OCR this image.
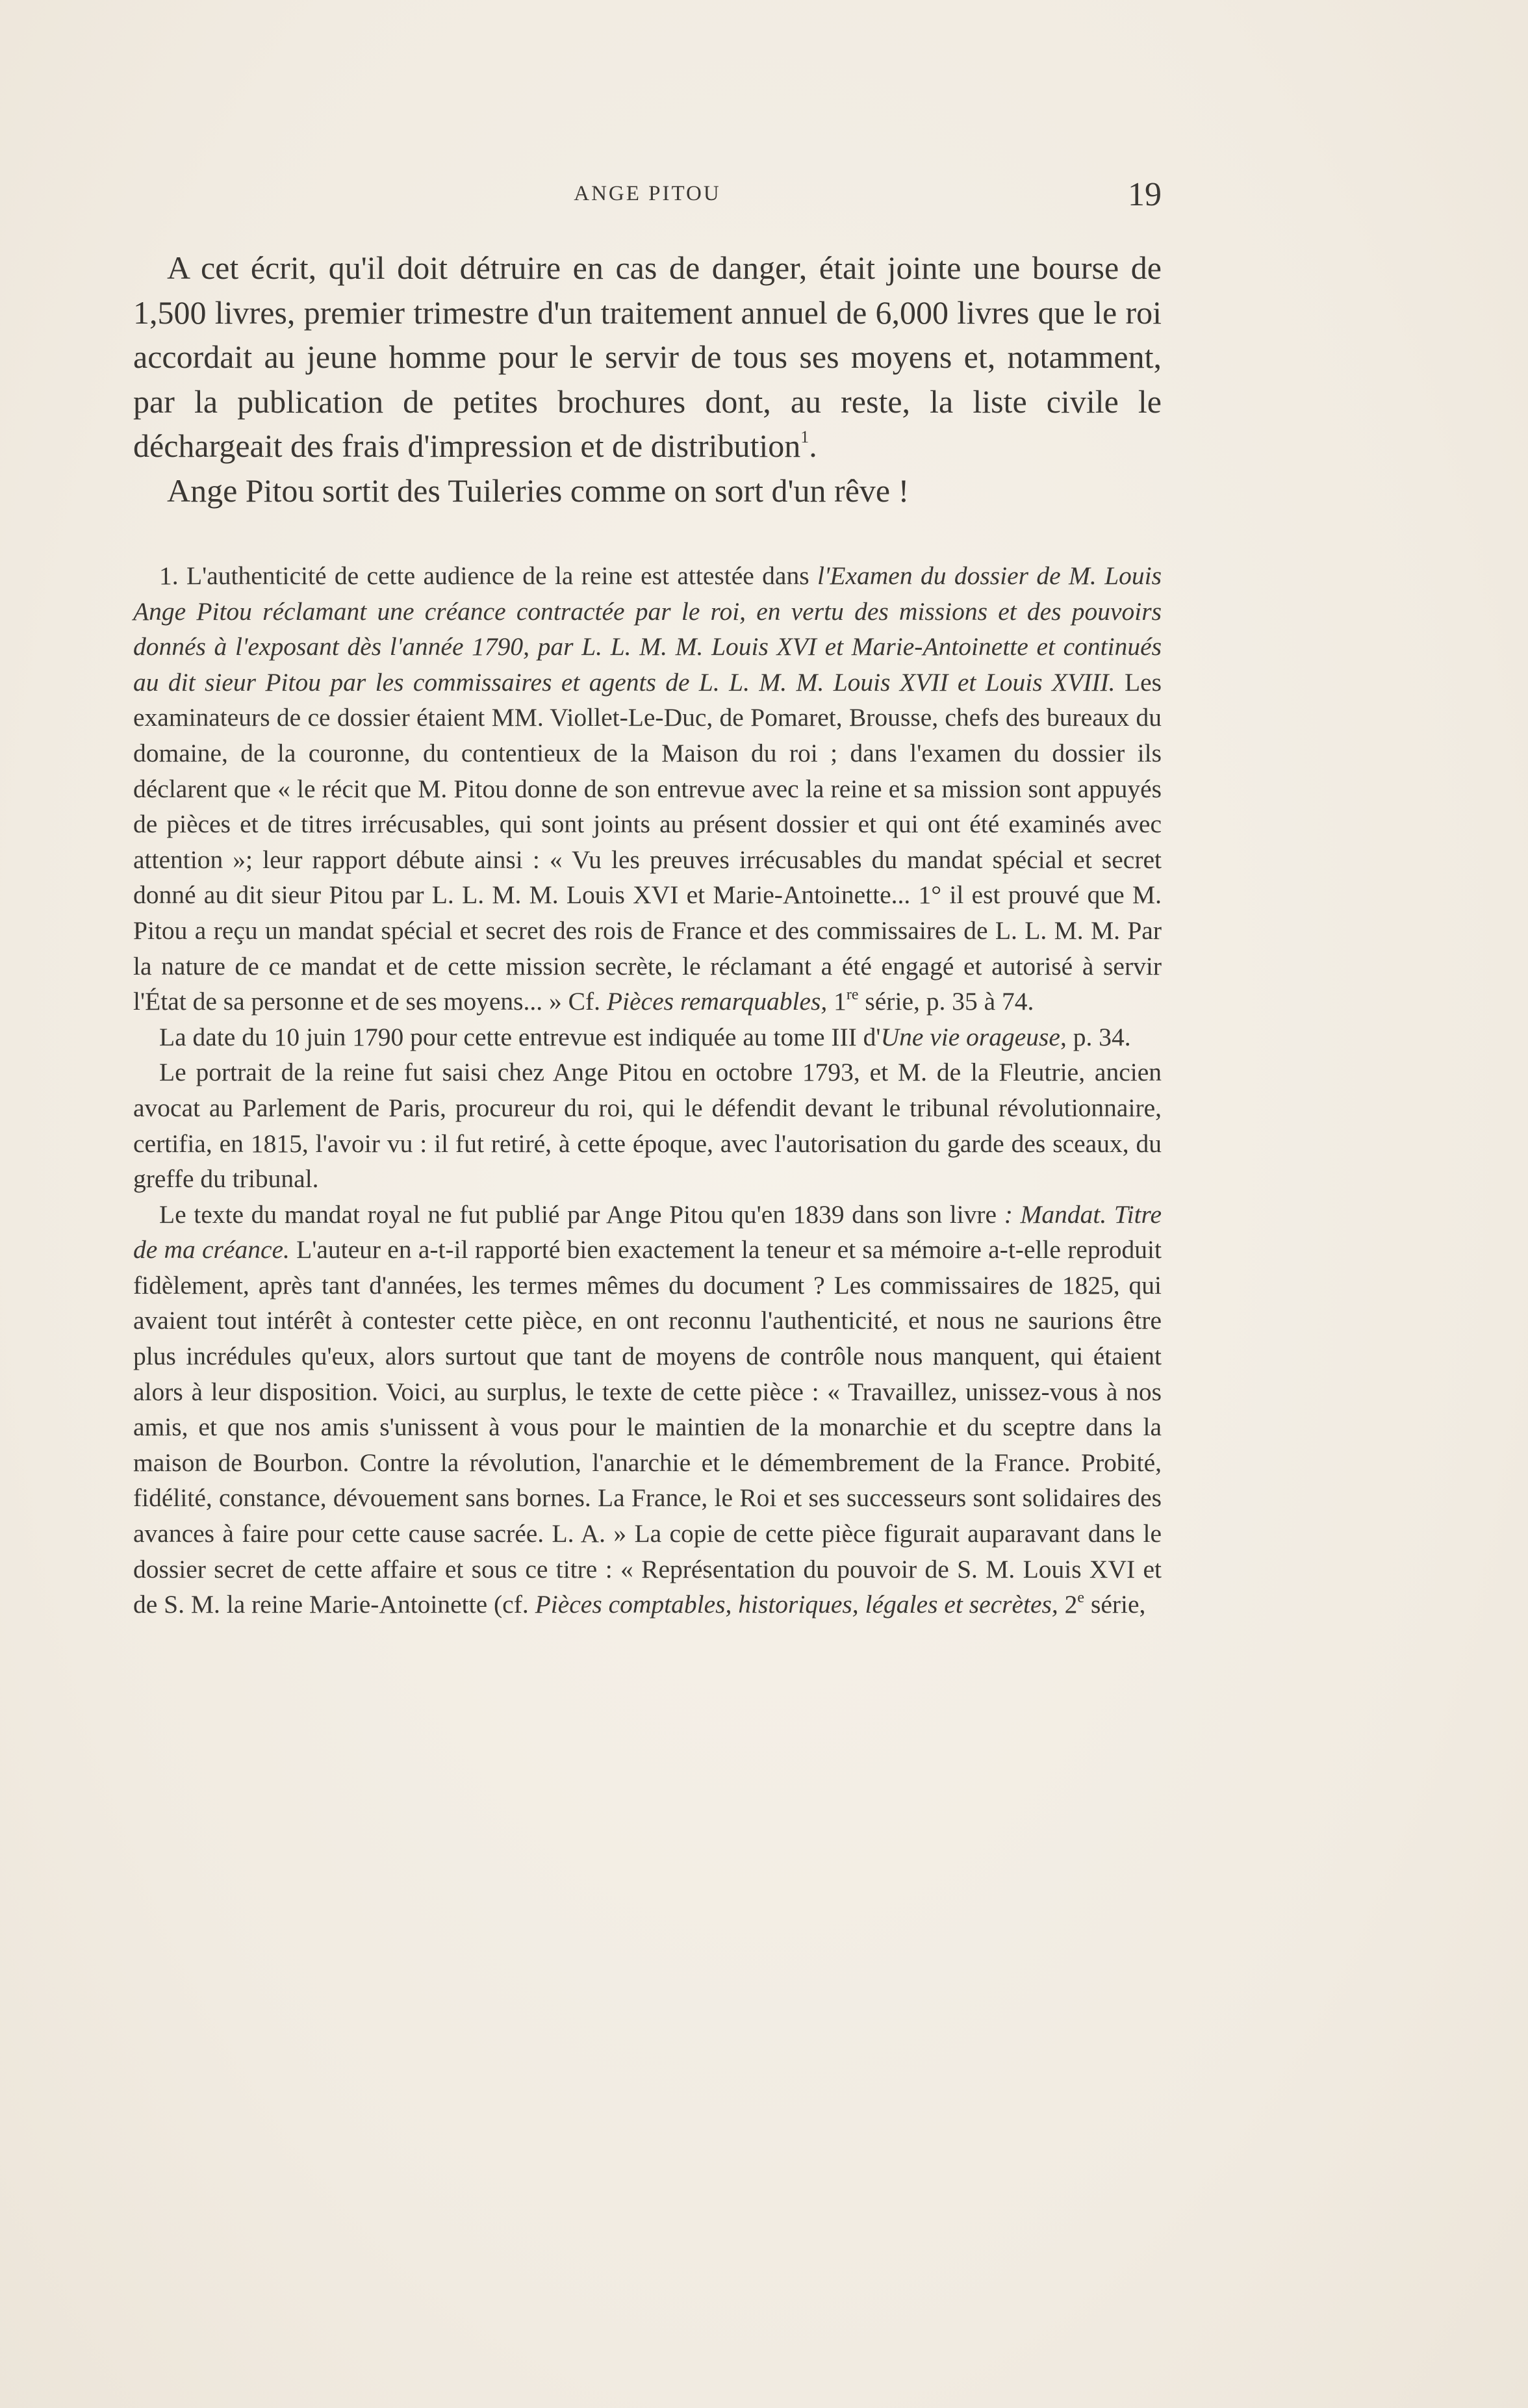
ANGE PITOU	19

A cet écrit, qu'il doit détruire en cas de danger, était jointe une bourse de 1,500 livres, premier trimestre d'un traitement annuel de 6,000 livres que le roi accordait au jeune homme pour le servir de tous ses moyens et, notamment, par la publication de petites brochures dont, au reste, la liste civile le déchargeait des frais d'impression et de distribution$^1$.

Ange Pitou sortit des Tuileries comme on sort d'un rêve !

1. L'authenticité de cette audience de la reine est attestée dans l'Examen du dossier de M. Louis Ange Pitou réclamant une créance contractée par le roi, en vertu des missions et des pouvoirs donnés à l'exposant dès l'année 1790, par L. L. M. M. Louis XVI et Marie-Antoinette et continués au dit sieur Pitou par les commissaires et agents de L. L. M. M. Louis XVII et Louis XVIII. Les examinateurs de ce dossier étaient MM. Viollet-Le-Duc, de Pomaret, Brousse, chefs des bureaux du domaine, de la couronne, du contentieux de la Maison du roi ; dans l'examen du dossier ils déclarent que « le récit que M. Pitou donne de son entrevue avec la reine et sa mission sont appuyés de pièces et de titres irrécusables, qui sont joints au présent dossier et qui ont été examinés avec attention »; leur rapport débute ainsi : « Vu les preuves irrécusables du mandat spécial et secret donné au dit sieur Pitou par L. L. M. M. Louis XVI et Marie-Antoinette... 1° il est prouvé que M. Pitou a reçu un mandat spécial et secret des rois de France et des commissaires de L. L. M. M. Par la nature de ce mandat et de cette mission secrète, le réclamant a été engagé et autorisé à servir l'État de sa personne et de ses moyens... » Cf. Pièces remarquables, 1re série, p. 35 à 74.

La date du 10 juin 1790 pour cette entrevue est indiquée au tome III d'Une vie orageuse, p. 34.

Le portrait de la reine fut saisi chez Ange Pitou en octobre 1793, et M. de la Fleutrie, ancien avocat au Parlement de Paris, procureur du roi, qui le défendit devant le tribunal révolutionnaire, certifia, en 1815, l'avoir vu : il fut retiré, à cette époque, avec l'autorisation du garde des sceaux, du greffe du tribunal.

Le texte du mandat royal ne fut publié par Ange Pitou qu'en 1839 dans son livre : Mandat. Titre de ma créance. L'auteur en a-t-il rapporté bien exactement la teneur et sa mémoire a-t-elle reproduit fidèlement, après tant d'années, les termes mêmes du document ? Les commissaires de 1825, qui avaient tout intérêt à contester cette pièce, en ont reconnu l'authenticité, et nous ne saurions être plus incrédules qu'eux, alors surtout que tant de moyens de contrôle nous manquent, qui étaient alors à leur disposition. Voici, au surplus, le texte de cette pièce : « Travaillez, unissez-vous à nos amis, et que nos amis s'unissent à vous pour le maintien de la monarchie et du sceptre dans la maison de Bourbon. Contre la révolution, l'anarchie et le démembrement de la France. Probité, fidélité, constance, dévouement sans bornes. La France, le Roi et ses successeurs sont solidaires des avances à faire pour cette cause sacrée. L. A. » La copie de cette pièce figurait auparavant dans le dossier secret de cette affaire et sous ce titre : « Représentation du pouvoir de S. M. Louis XVI et de S. M. la reine Marie-Antoinette (cf. Pièces comptables, historiques, légales et secrètes, 2e série,
